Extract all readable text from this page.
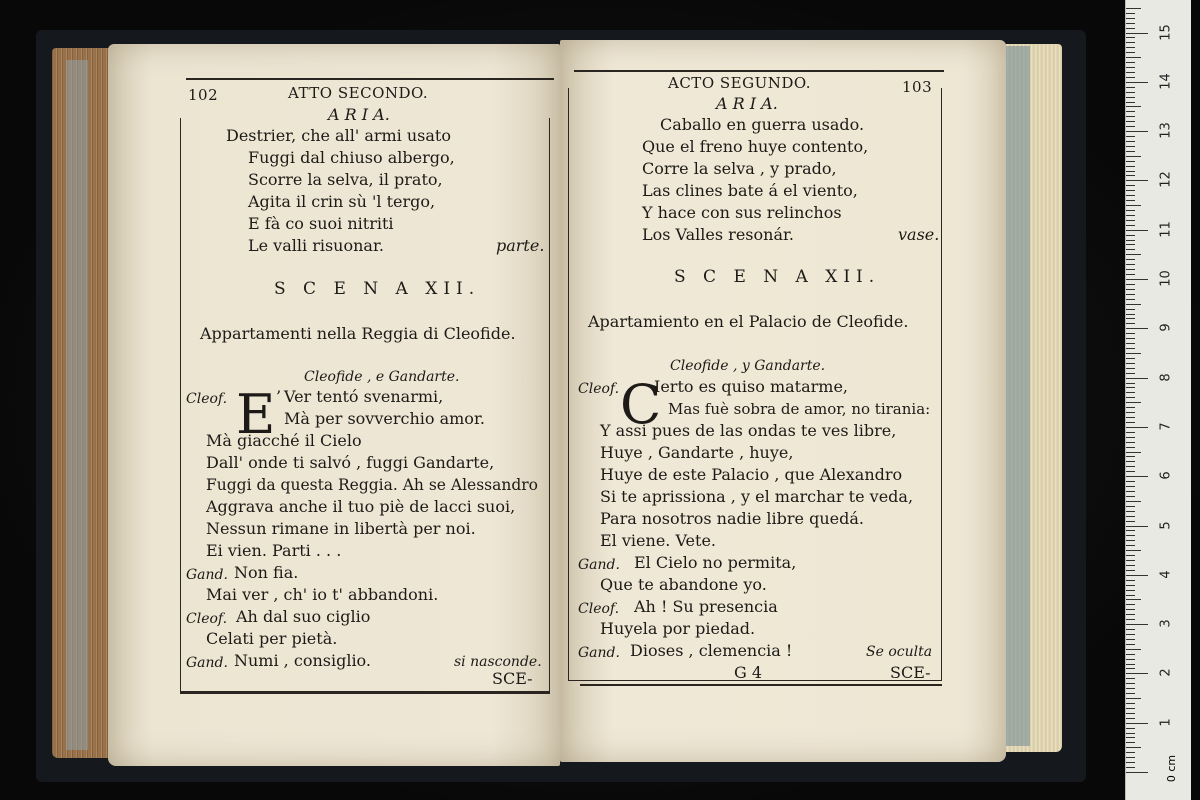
102	ATTO SECONDO.
A R I A.
Destrier, che all' armi usato
Fuggi dal chiuso albergo,
Scorre la selva, il prato,
Agita il crin sù 'l tergo,
E fà co suoi nitriti
Le valli risuonar.	parte.
S C E N A XII.
Appartamenti nella Reggia di Cleofide.
Cleofide , e Gandarte.
E ’
Cleof.	Ver tentó svenarmi,
Mà per sovverchio amor.
Mà giacché il Cielo
Dall' onde ti salvó , fuggi Gandarte,
Fuggi da questa Reggia. Ah se Alessandro
Aggrava anche il tuo piè de lacci suoi,
Nessun rimane in libertà per noi.
Ei vien. Parti . . .
Gand. Non fia.
Mai ver , ch' io t' abbandoni.
Cleof. Ah dal suo ciglio
Celati per pietà.
Gand. Numi , consiglio.	si nasconde.
SCE-
ACTO SEGUNDO.	103
A R I A.
Caballo en guerra usado.
Que el freno huye contento,
Corre la selva , y prado,
Las clines bate á el viento,
Y hace con sus relinchos
Los Valles resonár.	vase.
S C E N A XII.
Apartamiento en el Palacio de Cleofide.
Cleofide , y Gandarte.
C
Cleof. Ierto es quiso matarme,
Mas fuè sobra de amor, no tirania:
Y assi pues de las ondas te ves libre,
Huye , Gandarte , huye,
Huye de este Palacio , que Alexandro
Si te aprissiona , y el marchar te veda,
Para nosotros nadie libre quedá.
El viene. Vete.
Gand. El Cielo no permita,
Que te abandone yo.
Cleof. Ah ! Su presencia
Huyela por piedad.
Gand. Dioses , clemencia !	Se oculta
G 4	SCE-
1
2
3
4
5
6
7
8
9
10
11
12
13
14
15
0 cm
